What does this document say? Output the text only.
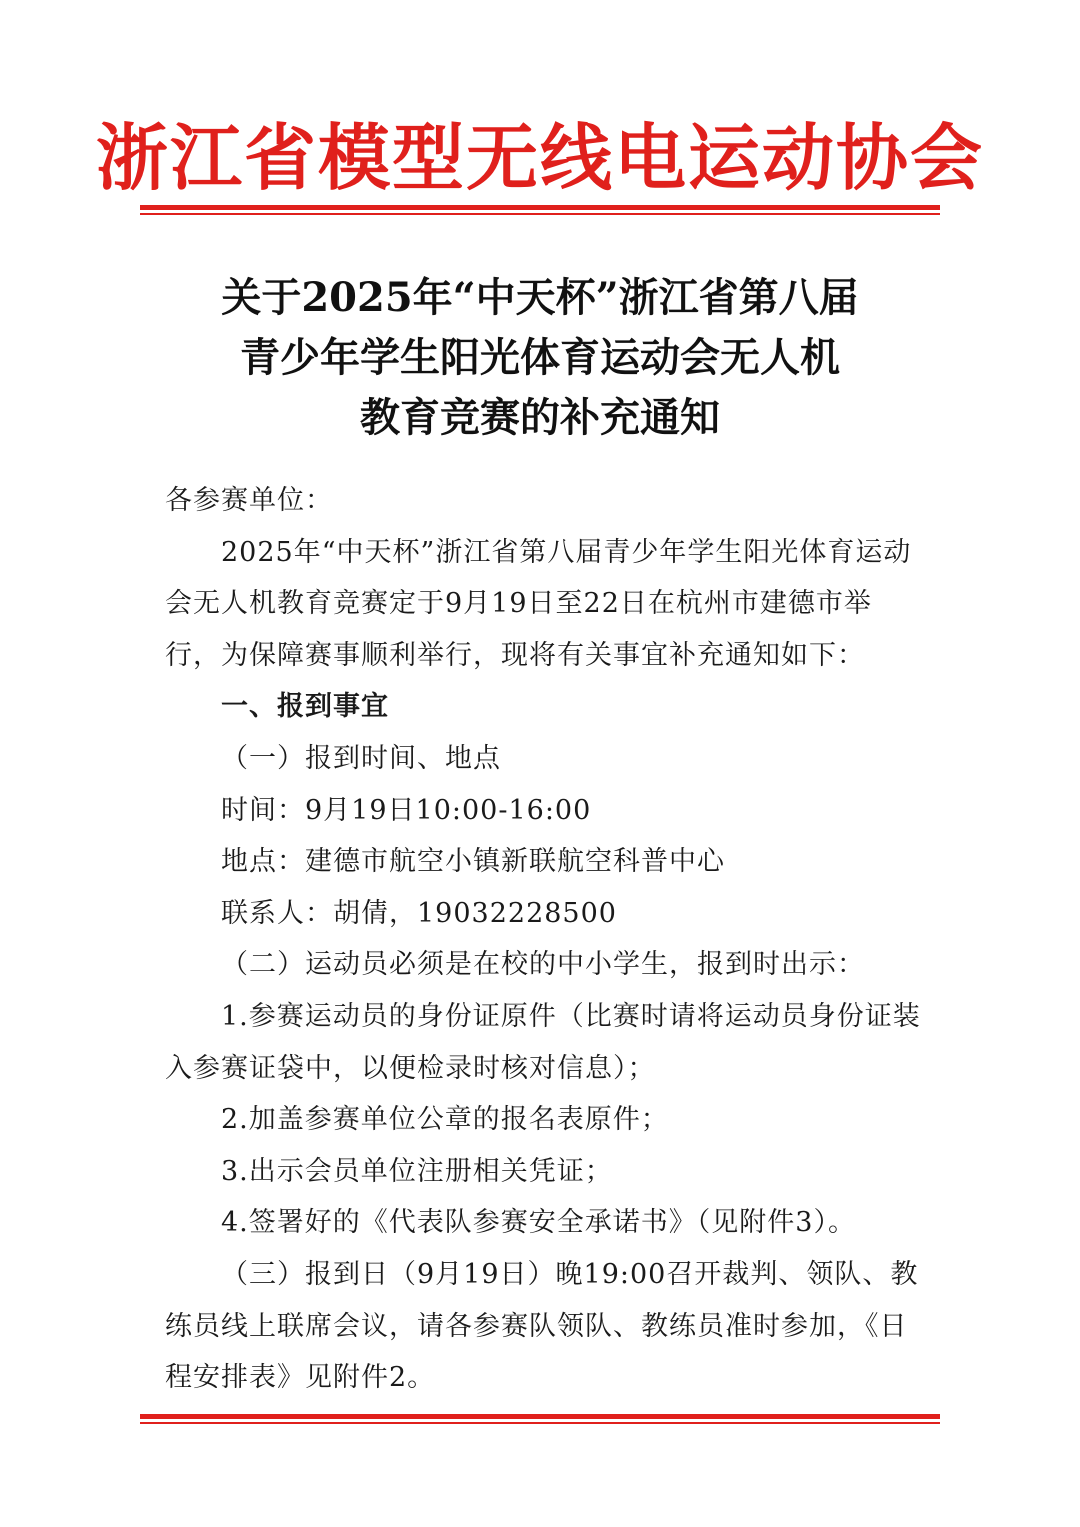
浙江省模型无线电运动协会
关于2025年“中天杯”浙江省第八届
青少年学生阳光体育运动会无人机
教育竞赛的补充通知

各参赛单位：

2025年“中天杯”浙江省第八届青少年学生阳光体育运动会无人机教育竞赛定于9月19日至22日在杭州市建德市举行，为保障赛事顺利举行，现将有关事宜补充通知如下：

一、报到事宜

（一）报到时间、地点

时间：9月19日10:00-16:00

地点：建德市航空小镇新联航空科普中心

联系人：胡倩，19032228500

（二）运动员必须是在校的中小学生，报到时出示：

1.参赛运动员的身份证原件（比赛时请将运动员身份证装入参赛证袋中，以便检录时核对信息）；

2.加盖参赛单位公章的报名表原件；

3.出示会员单位注册相关凭证；

4.签署好的《代表队参赛安全承诺书》（见附件3）。

（三）报到日（9月19日）晚19:00召开裁判、领队、教练员线上联席会议，请各参赛队领队、教练员准时参加，《日程安排表》见附件2。
